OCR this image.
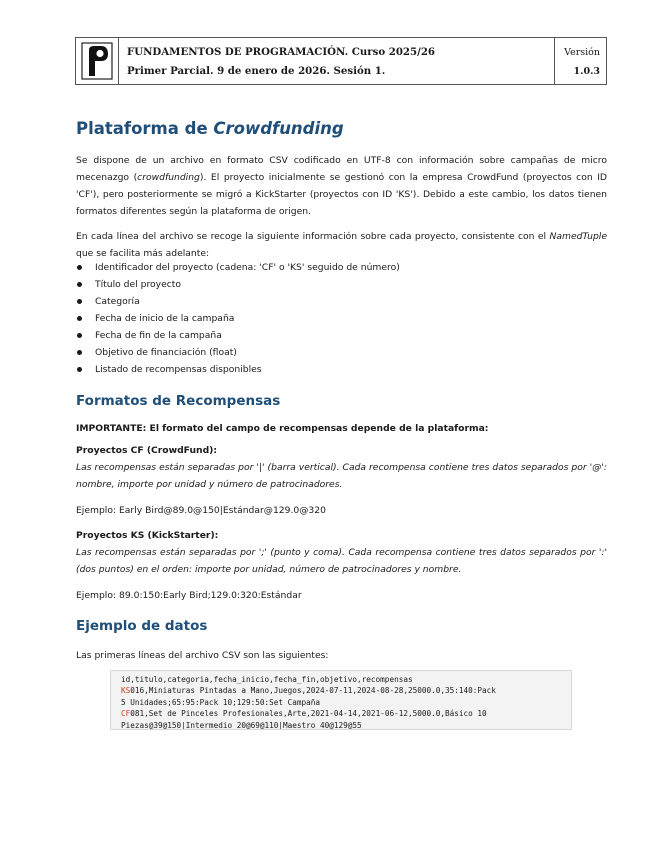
FUNDAMENTOS DE PROGRAMACIÓN. Curso 2025/26
Primer Parcial. 9 de enero de 2026. Sesión 1.
Versión
1.0.3
Plataforma de Crowdfunding

Se dispone de un archivo en formato CSV codificado en UTF-8 con información sobre campañas de micro mecenazgo (crowdfunding). El proyecto inicialmente se gestionó con la empresa CrowdFund (proyectos con ID 'CF'), pero posteriormente se migró a KickStarter (proyectos con ID 'KS'). Debido a este cambio, los datos tienen formatos diferentes según la plataforma de origen.

En cada línea del archivo se recoge la siguiente información sobre cada proyecto, consistente con el NamedTuple que se facilita más adelante:

Identificador del proyecto (cadena: 'CF' o 'KS' seguido de número)
Título del proyecto
Categoría
Fecha de inicio de la campaña
Fecha de fin de la campaña
Objetivo de financiación (float)
Listado de recompensas disponibles
Formatos de Recompensas

IMPORTANTE: El formato del campo de recompensas depende de la plataforma:

Proyectos CF (CrowdFund):

Las recompensas están separadas por '|' (barra vertical). Cada recompensa contiene tres datos separados por '@': nombre, importe por unidad y número de patrocinadores.

Ejemplo: Early Bird@89.0@150|Estándar@129.0@320

Proyectos KS (KickStarter):

Las recompensas están separadas por ';' (punto y coma). Cada recompensa contiene tres datos separados por ':' (dos puntos) en el orden: importe por unidad, número de patrocinadores y nombre.

Ejemplo: 89.0:150:Early Bird;129.0:320:Estándar

Ejemplo de datos

Las primeras líneas del archivo CSV son las siguientes:

id,titulo,categoria,fecha_inicio,fecha_fin,objetivo,recompensas
KS016,Miniaturas Pintadas a Mano,Juegos,2024-07-11,2024-08-28,25000.0,35:140:Pack
5 Unidades;65:95:Pack 10;129:50:Set Campaña
CF081,Set de Pinceles Profesionales,Arte,2021-04-14,2021-06-12,5000.0,Básico 10
Piezas@39@150|Intermedio 20@69@110|Maestro 40@129@55
